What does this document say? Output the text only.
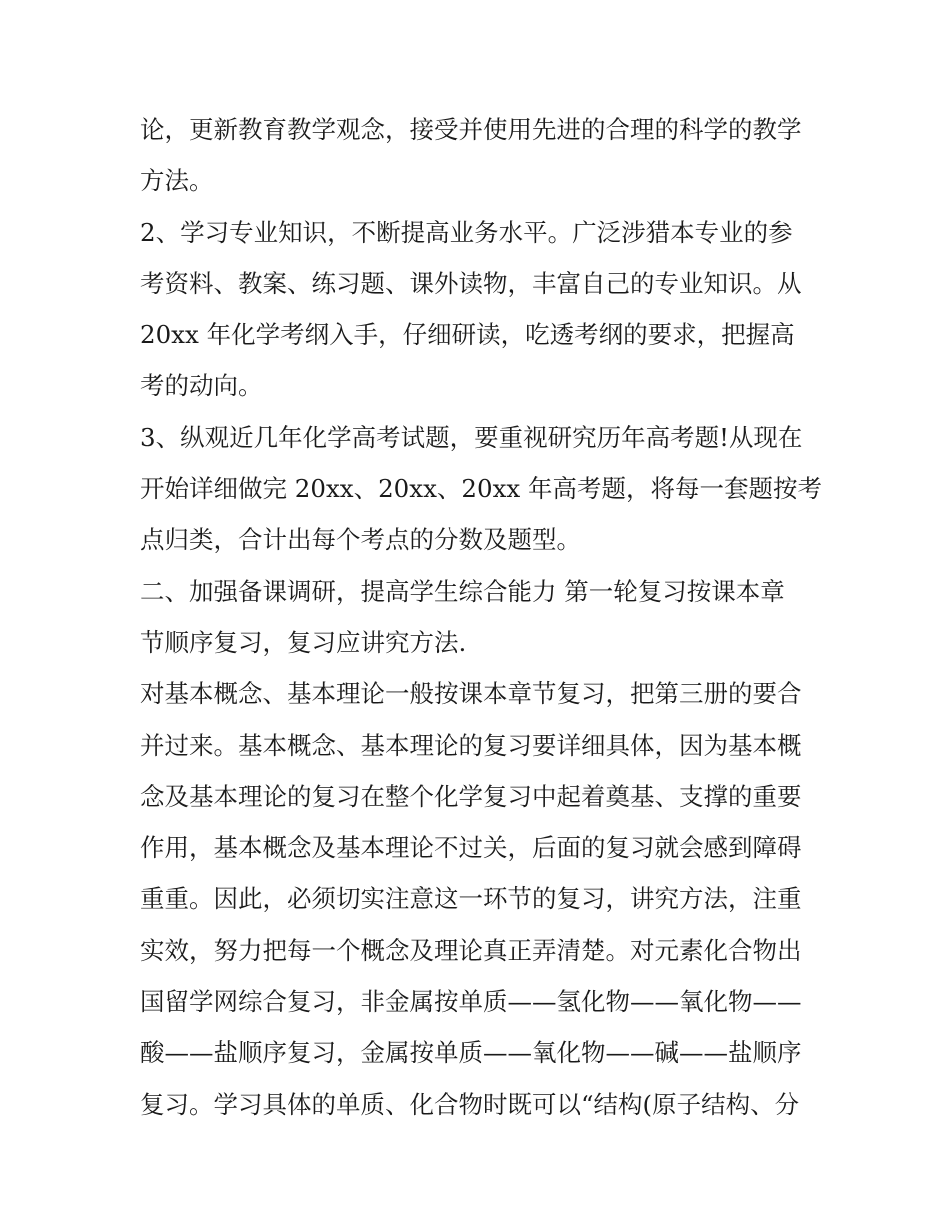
论，更新教育教学观念，接受并使用先进的合理的科学的教学
方法。
2、学习专业知识，不断提高业务水平。广泛涉猎本专业的参
考资料、教案、练习题、课外读物，丰富自己的专业知识。从
20xx 年化学考纲入手，仔细研读，吃透考纲的要求，把握高
考的动向。
3、纵观近几年化学高考试题，要重视研究历年高考题!从现在
开始详细做完 20xx、20xx、20xx 年高考题，将每一套题按考
点归类，合计出每个考点的分数及题型。
二、加强备课调研，提高学生综合能力 第一轮复习按课本章
节顺序复习，复习应讲究方法.
对基本概念、基本理论一般按课本章节复习，把第三册的要合
并过来。基本概念、基本理论的复习要详细具体，因为基本概
念及基本理论的复习在整个化学复习中起着奠基、支撑的重要
作用，基本概念及基本理论不过关，后面的复习就会感到障碍
重重。因此，必须切实注意这一环节的复习，讲究方法，注重
实效，努力把每一个概念及理论真正弄清楚。对元素化合物出
国留学网综合复习，非金属按单质——氢化物——氧化物——
酸——盐顺序复习，金属按单质——氧化物——碱——盐顺序
复习。学习具体的单质、化合物时既可以“结构(原子结构、分
